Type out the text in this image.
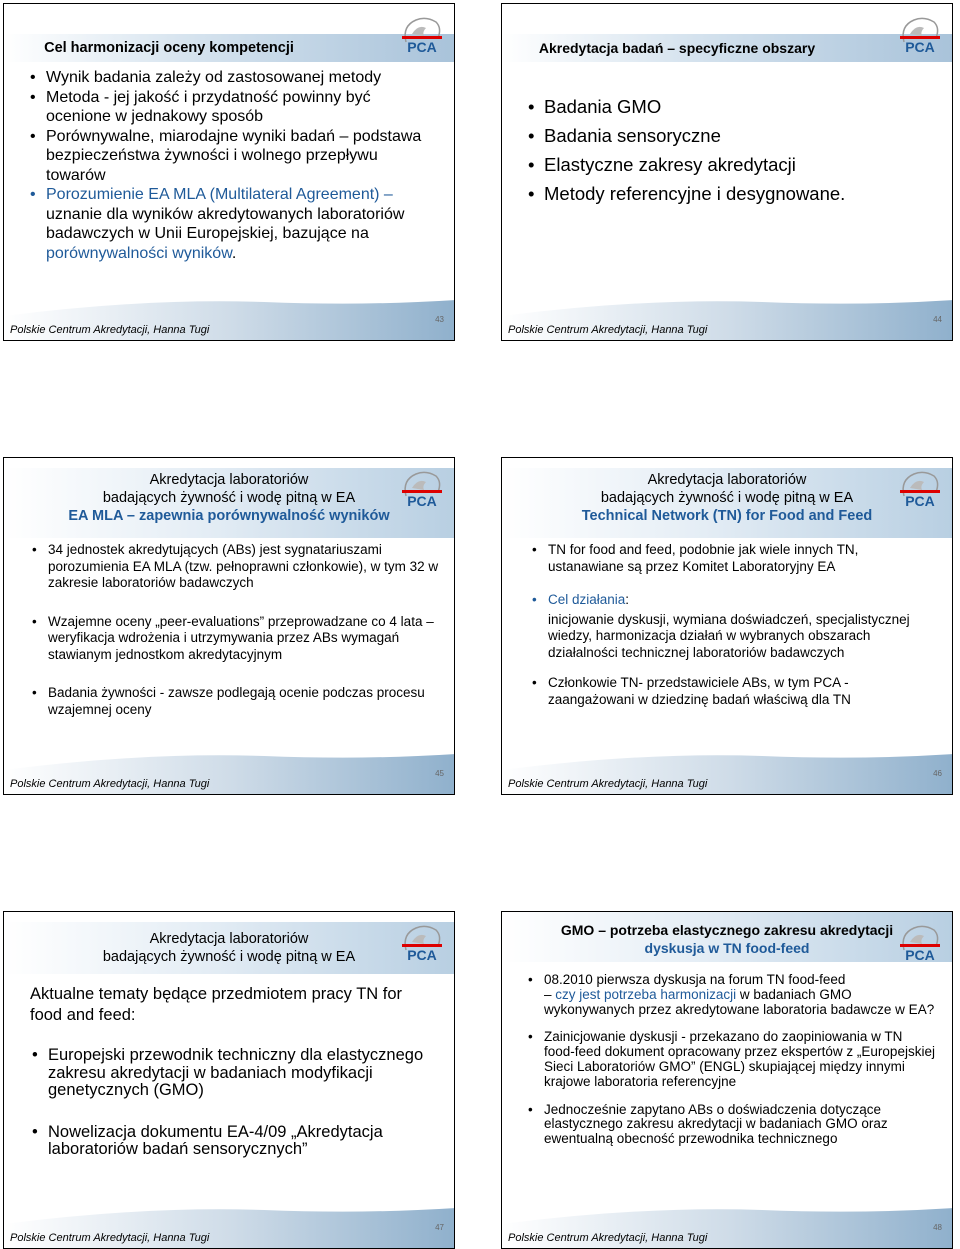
Cel harmonizacji oceny kompetencji	PCA
• Wynik badania zależy od zastosowanej metody
• Metoda - jej jakość i przydatność powinny być ocenione w jednakowy sposób
• Porównywalne, miarodajne wyniki badań – podstawa bezpieczeństwa żywności i wolnego przepływu towarów
• Porozumienie EA MLA (Multilateral Agreement) – uznanie dla wyników akredytowanych laboratoriów badawczych w Unii Europejskiej, bazujące na porównywalności wyników.
Polskie Centrum Akredytacji, Hanna Tugi
43
Akredytacja badań – specyficzne obszary	PCA
• Badania GMO
• Badania sensoryczne
• Elastyczne zakresy akredytacji
• Metody referencyjne i desygnowane.
Polskie Centrum Akredytacji, Hanna Tugi
44
Akredytacja laboratoriów
badających żywność i wodę pitną w EA
EA MLA – zapewnia porównywalność wyników
PCA
• 34 jednostek akredytujących (ABs) jest sygnatariuszami porozumienia EA MLA (tzw. pełnoprawni członkowie), w tym 32 w zakresie laboratoriów badawczych
• Wzajemne oceny „peer-evaluations” przeprowadzane co 4 lata – weryfikacja wdrożenia i utrzymywania przez ABs wymagań stawianym jednostkom akredytacyjnym
• Badania żywności - zawsze podlegają ocenie podczas procesu wzajemnej oceny
Polskie Centrum Akredytacji, Hanna Tugi
45
Akredytacja laboratoriów
badających żywność i wodę pitną w EA
Technical Network (TN) for Food and Feed
PCA
• TN for food and feed, podobnie jak wiele innych TN, ustanawiane są przez Komitet Laboratoryjny EA
• Cel działania:
inicjowanie dyskusji, wymiana doświadczeń, specjalistycznej wiedzy, harmonizacja działań w wybranych obszarach działalności technicznej laboratoriów badawczych
• Członkowie TN- przedstawiciele ABs, w tym PCA - zaangażowani w dziedzinę badań właściwą dla TN
Polskie Centrum Akredytacji, Hanna Tugi
46
Akredytacja laboratoriów
badających żywność i wodę pitną w EA	PCA
Aktualne tematy będące przedmiotem pracy TN for food and feed:
• Europejski przewodnik techniczny dla elastycznego zakresu akredytacji w badaniach modyfikacji genetycznych (GMO)
• Nowelizacja dokumentu EA-4/09 „Akredytacja laboratoriów badań sensorycznych”
Polskie Centrum Akredytacji, Hanna Tugi
47
GMO – potrzeba elastycznego zakresu akredytacji
dyskusja w TN food-feed	PCA
• 08.2010 pierwsza dyskusja na forum TN food-feed
– czy jest potrzeba harmonizacji w badaniach GMO wykonywanych przez akredytowane laboratoria badawcze w EA?
• Zainicjowanie dyskusji - przekazano do zaopiniowania w TN food-feed dokument opracowany przez ekspertów z „Europejskiej Sieci Laboratoriów GMO” (ENGL) skupiającej między innymi krajowe laboratoria referencyjne
• Jednocześnie zapytano ABs o doświadczenia dotyczące elastycznego zakresu akredytacji w badaniach GMO oraz ewentualną obecność przewodnika technicznego
Polskie Centrum Akredytacji, Hanna Tugi
48
